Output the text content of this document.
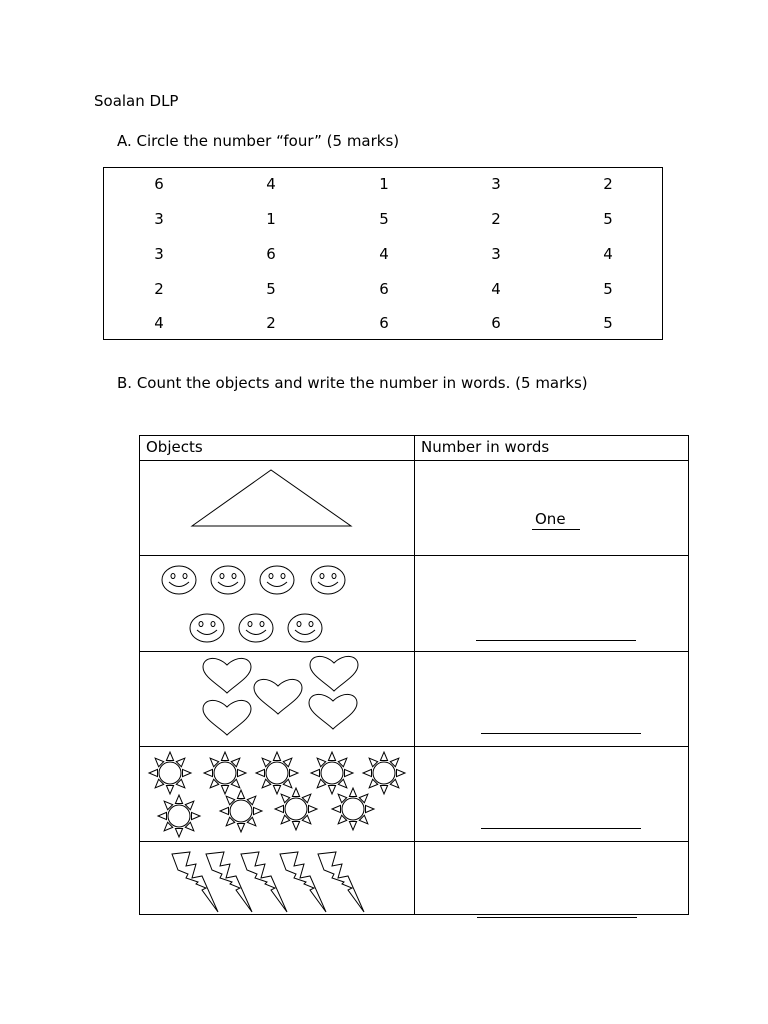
Soalan DLP
A. Circle the number “four” (5 marks)
6	4	1	3	2
3	1	5	2	5
3	6	4	3	4
2	5	6	4	5
4	2	6	6	5
B. Count the objects and write the number in words. (5 marks)
Objects	Number in words
One
